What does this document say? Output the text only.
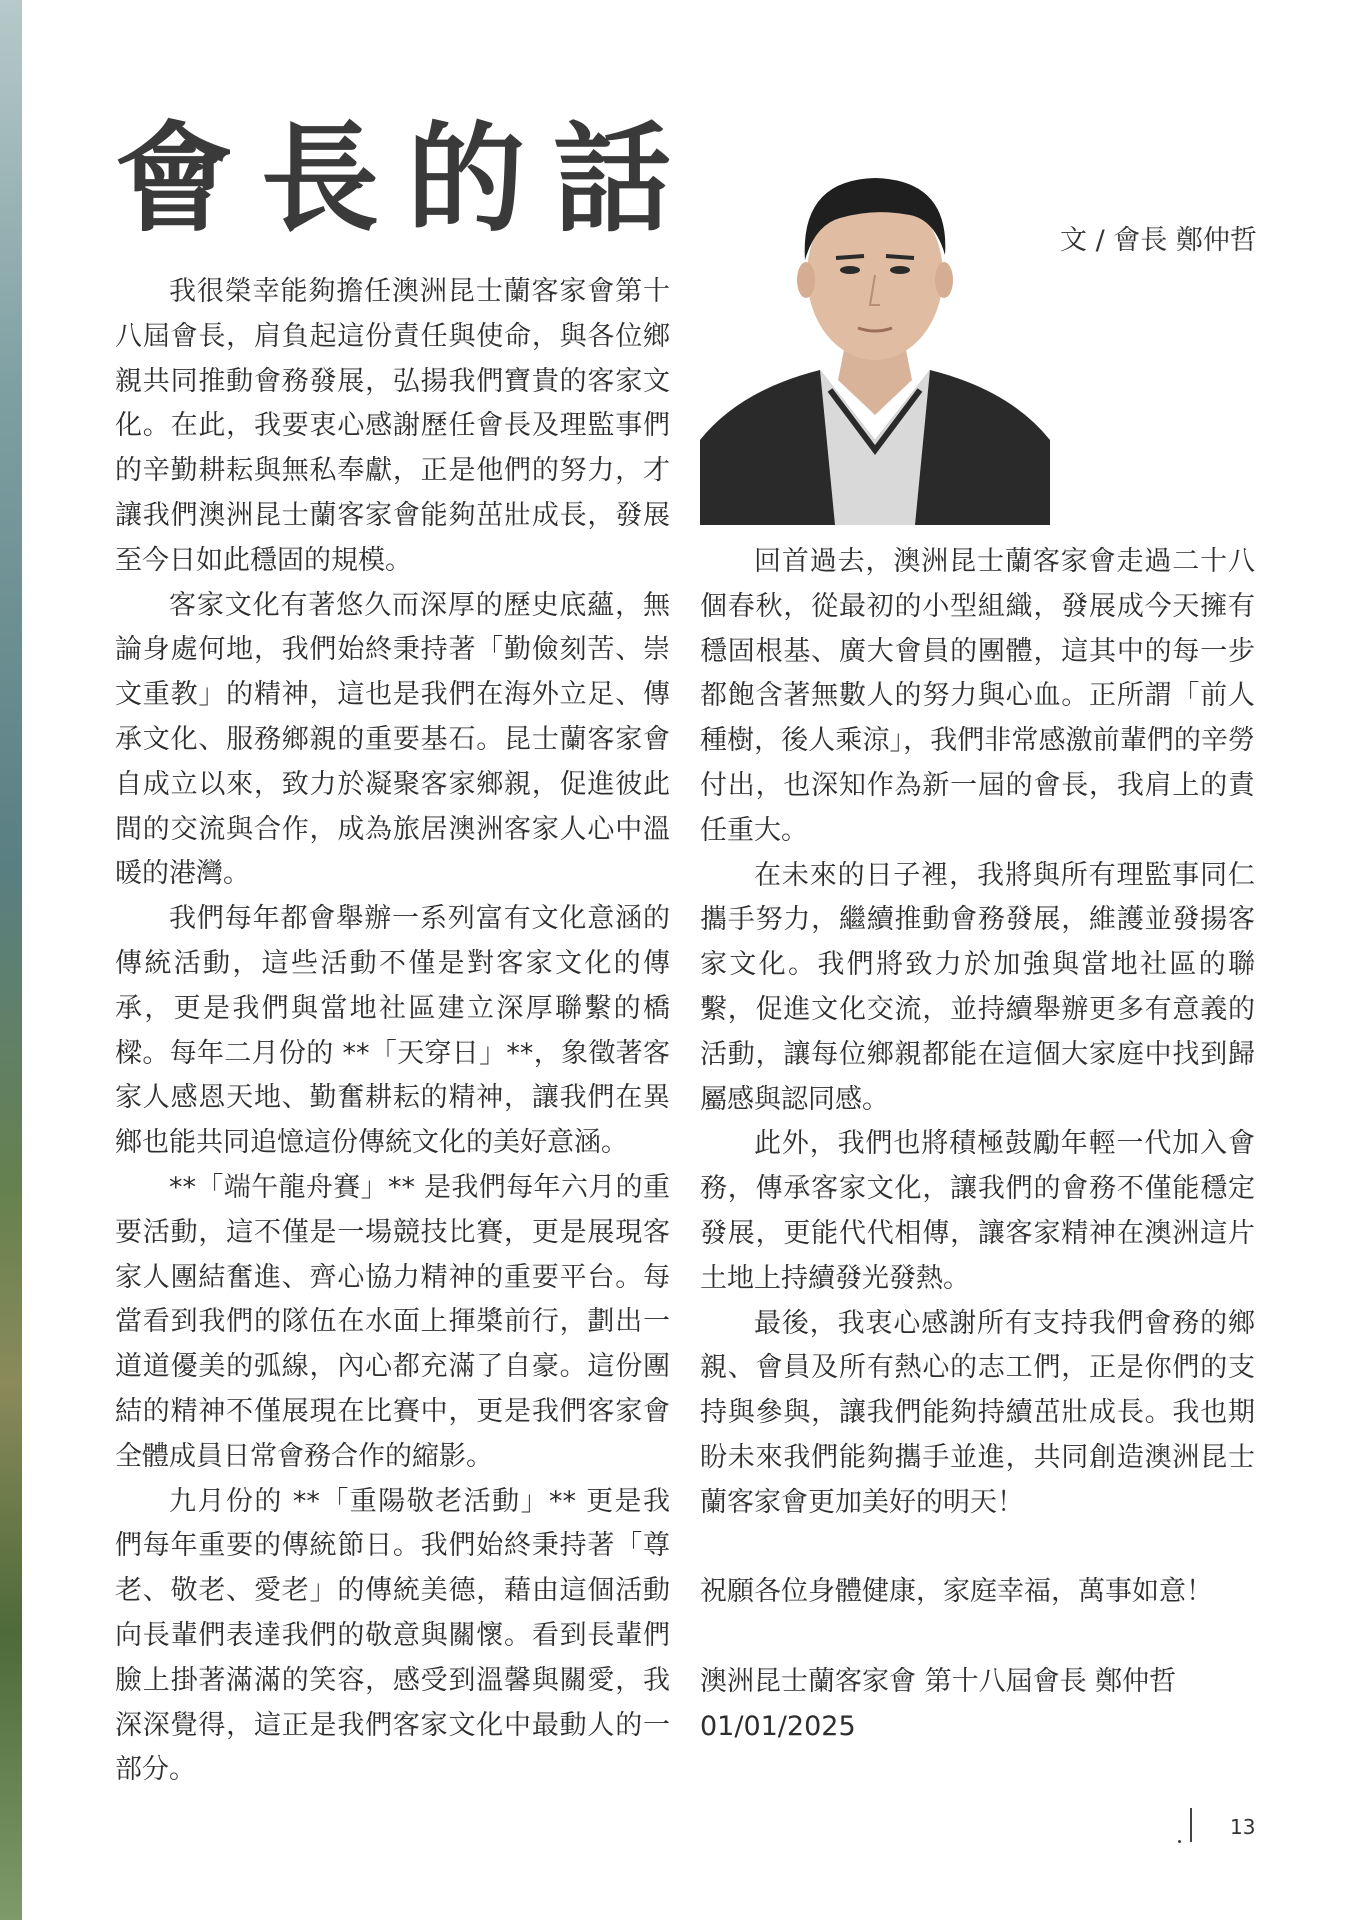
會長的話	文 / 會長 鄭仲哲

我很榮幸能夠擔任澳洲昆士蘭客家會第十八屆會長，肩負起這份責任與使命，與各位鄉親共同推動會務發展，弘揚我們寶貴的客家文化。在此，我要衷心感謝歷任會長及理監事們的辛勤耕耘與無私奉獻，正是他們的努力，才讓我們澳洲昆士蘭客家會能夠茁壯成長，發展至今日如此穩固的規模。

客家文化有著悠久而深厚的歷史底蘊，無論身處何地，我們始終秉持著「勤儉刻苦、崇文重教」的精神，這也是我們在海外立足、傳承文化、服務鄉親的重要基石。昆士蘭客家會自成立以來，致力於凝聚客家鄉親，促進彼此間的交流與合作，成為旅居澳洲客家人心中溫暖的港灣。

我們每年都會舉辦一系列富有文化意涵的傳統活動，這些活動不僅是對客家文化的傳承，更是我們與當地社區建立深厚聯繫的橋樑。每年二月份的 **「天穿日」**，象徵著客家人感恩天地、勤奮耕耘的精神，讓我們在異鄉也能共同追憶這份傳統文化的美好意涵。

**「端午龍舟賽」** 是我們每年六月的重要活動，這不僅是一場競技比賽，更是展現客家人團結奮進、齊心協力精神的重要平台。每當看到我們的隊伍在水面上揮槳前行，劃出一道道優美的弧線，內心都充滿了自豪。這份團結的精神不僅展現在比賽中，更是我們客家會全體成員日常會務合作的縮影。

九月份的 **「重陽敬老活動」** 更是我們每年重要的傳統節日。我們始終秉持著「尊老、敬老、愛老」的傳統美德，藉由這個活動向長輩們表達我們的敬意與關懷。看到長輩們臉上掛著滿滿的笑容，感受到溫馨與關愛，我深深覺得，這正是我們客家文化中最動人的一部分。

回首過去，澳洲昆士蘭客家會走過二十八個春秋，從最初的小型組織，發展成今天擁有穩固根基、廣大會員的團體，這其中的每一步都飽含著無數人的努力與心血。正所謂「前人種樹，後人乘涼」，我們非常感激前輩們的辛勞付出，也深知作為新一屆的會長，我肩上的責任重大。

在未來的日子裡，我將與所有理監事同仁攜手努力，繼續推動會務發展，維護並發揚客家文化。我們將致力於加強與當地社區的聯繫，促進文化交流，並持續舉辦更多有意義的活動，讓每位鄉親都能在這個大家庭中找到歸屬感與認同感。

此外，我們也將積極鼓勵年輕一代加入會務，傳承客家文化，讓我們的會務不僅能穩定發展，更能代代相傳，讓客家精神在澳洲這片土地上持續發光發熱。

最後，我衷心感謝所有支持我們會務的鄉親、會員及所有熱心的志工們，正是你們的支持與參與，讓我們能夠持續茁壯成長。我也期盼未來我們能夠攜手並進，共同創造澳洲昆士蘭客家會更加美好的明天！

祝願各位身體健康，家庭幸福，萬事如意！

澳洲昆士蘭客家會 第十八屆會長 鄭仲哲

01/01/2025

13
